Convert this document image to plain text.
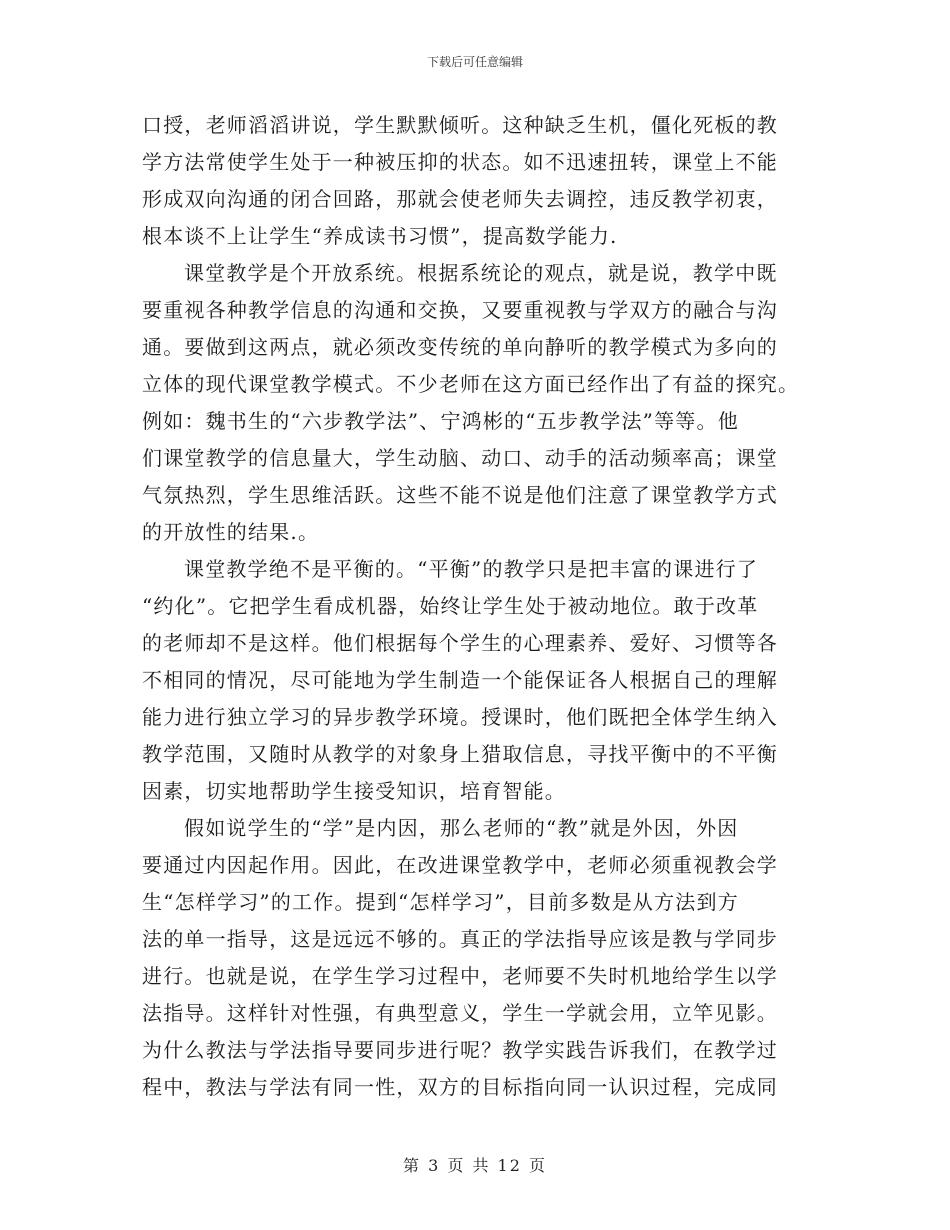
下载后可任意编辑
口授，老师滔滔讲说，学生默默倾听。这种缺乏生机，僵化死板的教
学方法常使学生处于一种被压抑的状态。如不迅速扭转，课堂上不能
形成双向沟通的闭合回路，那就会使老师失去调控，违反教学初衷，
根本谈不上让学生“养成读书习惯”，提高数学能力.
课堂教学是个开放系统。根据系统论的观点，就是说，教学中既
要重视各种教学信息的沟通和交换，又要重视教与学双方的融合与沟
通。要做到这两点，就必须改变传统的单向静听的教学模式为多向的
立体的现代课堂教学模式。不少老师在这方面已经作出了有益的探究。
例如：魏书生的“六步教学法”、宁鸿彬的“五步教学法”等等。他
们课堂教学的信息量大，学生动脑、动口、动手的活动频率高；课堂
气氛热烈，学生思维活跃。这些不能不说是他们注意了课堂教学方式
的开放性的结果.。
课堂教学绝不是平衡的。“平衡”的教学只是把丰富的课进行了
“约化”。它把学生看成机器，始终让学生处于被动地位。敢于改革
的老师却不是这样。他们根据每个学生的心理素养、爱好、习惯等各
不相同的情况，尽可能地为学生制造一个能保证各人根据自己的理解
能力进行独立学习的异步教学环境。授课时，他们既把全体学生纳入
教学范围，又随时从教学的对象身上猎取信息，寻找平衡中的不平衡
因素，切实地帮助学生接受知识，培育智能。
假如说学生的“学”是内因，那么老师的“教”就是外因，外因
要通过内因起作用。因此，在改进课堂教学中，老师必须重视教会学
生“怎样学习”的工作。提到“怎样学习”，目前多数是从方法到方
法的单一指导，这是远远不够的。真正的学法指导应该是教与学同步
进行。也就是说，在学生学习过程中，老师要不失时机地给学生以学
法指导。这样针对性强，有典型意义，学生一学就会用，立竿见影。
为什么教法与学法指导要同步进行呢？教学实践告诉我们，在教学过
程中，教法与学法有同一性，双方的目标指向同一认识过程，完成同
第 3 页 共 12 页
